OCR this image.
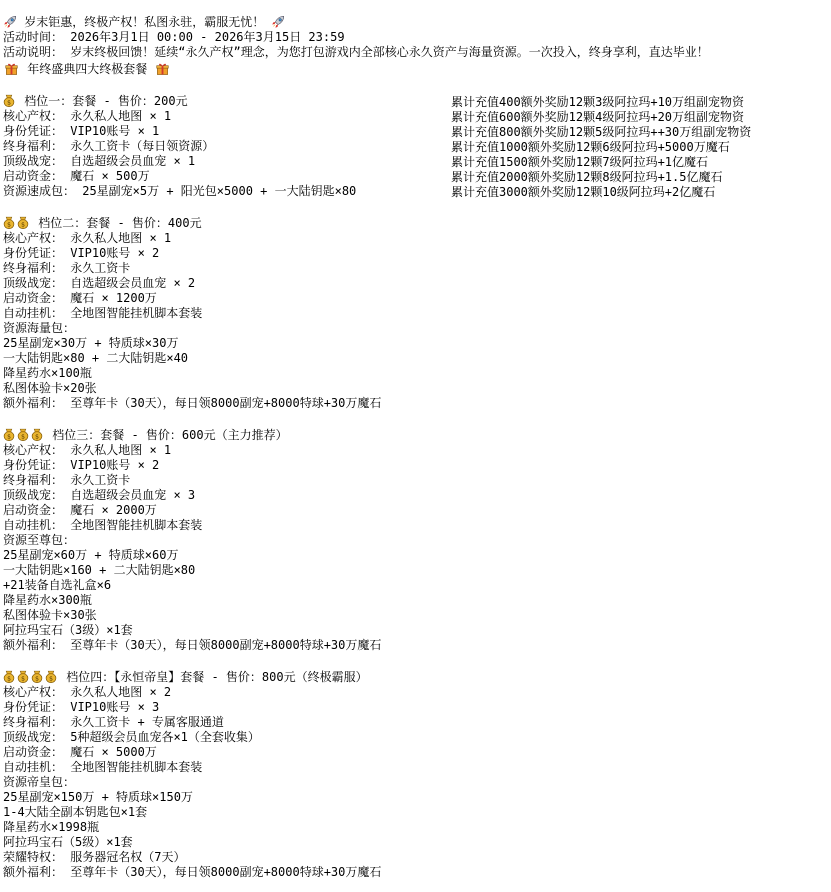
岁末钜惠，终极产权！私图永驻，霸服无忧！
活动时间： 2026年3月1日 00:00 - 2026年3月15日 23:59
活动说明： 岁末终极回馈！延续“永久产权”理念，为您打包游戏内全部核心永久资产与海量资源。一次投入，终身享利，直达毕业！
年终盛典四大终极套餐
档位一：套餐 - 售价：200元
核心产权： 永久私人地图 × 1
身份凭证： VIP10账号 × 1
终身福利： 永久工资卡（每日领资源）
顶级战宠： 自选超级会员血宠 × 1
启动资金： 魔石 × 500万
资源速成包： 25星副宠×5万 + 阳光包×5000 + 一大陆钥匙×80
档位二：套餐 - 售价：400元
核心产权： 永久私人地图 × 1
身份凭证： VIP10账号 × 2
终身福利： 永久工资卡
顶级战宠： 自选超级会员血宠 × 2
启动资金： 魔石 × 1200万
自动挂机： 全地图智能挂机脚本套装
资源海量包：
25星副宠×30万 + 特质球×30万
一大陆钥匙×80 + 二大陆钥匙×40
降星药水×100瓶
私图体验卡×20张
额外福利： 至尊年卡（30天），每日领8000副宠+8000特球+30万魔石
档位三：套餐 - 售价：600元（主力推荐）
核心产权： 永久私人地图 × 1
身份凭证： VIP10账号 × 2
终身福利： 永久工资卡
顶级战宠： 自选超级会员血宠 × 3
启动资金： 魔石 × 2000万
自动挂机： 全地图智能挂机脚本套装
资源至尊包：
25星副宠×60万 + 特质球×60万
一大陆钥匙×160 + 二大陆钥匙×80
+21装备自选礼盒×6
降星药水×300瓶
私图体验卡×30张
阿拉玛宝石（3级）×1套
额外福利： 至尊年卡（30天），每日领8000副宠+8000特球+30万魔石
档位四：【永恒帝皇】套餐 - 售价：800元（终极霸服）
核心产权： 永久私人地图 × 2
身份凭证： VIP10账号 × 3
终身福利： 永久工资卡 + 专属客服通道
顶级战宠： 5种超级会员血宠各×1（全套收集）
启动资金： 魔石 × 5000万
自动挂机： 全地图智能挂机脚本套装
资源帝皇包：
25星副宠×150万 + 特质球×150万
1-4大陆全副本钥匙包×1套
降星药水×1998瓶
阿拉玛宝石（5级）×1套
荣耀特权： 服务器冠名权（7天）
额外福利： 至尊年卡（30天），每日领8000副宠+8000特球+30万魔石
累计充值400额外奖励12颗3级阿拉玛+10万组副宠物资
累计充值600额外奖励12颗4级阿拉玛+20万组副宠物资
累计充值800额外奖励12颗5级阿拉玛++30万组副宠物资
累计充值1000额外奖励12颗6级阿拉玛+5000万魔石
累计充值1500额外奖励12颗7级阿拉玛+1亿魔石
累计充值2000额外奖励12颗8级阿拉玛+1.5亿魔石
累计充值3000额外奖励12颗10级阿拉玛+2亿魔石
